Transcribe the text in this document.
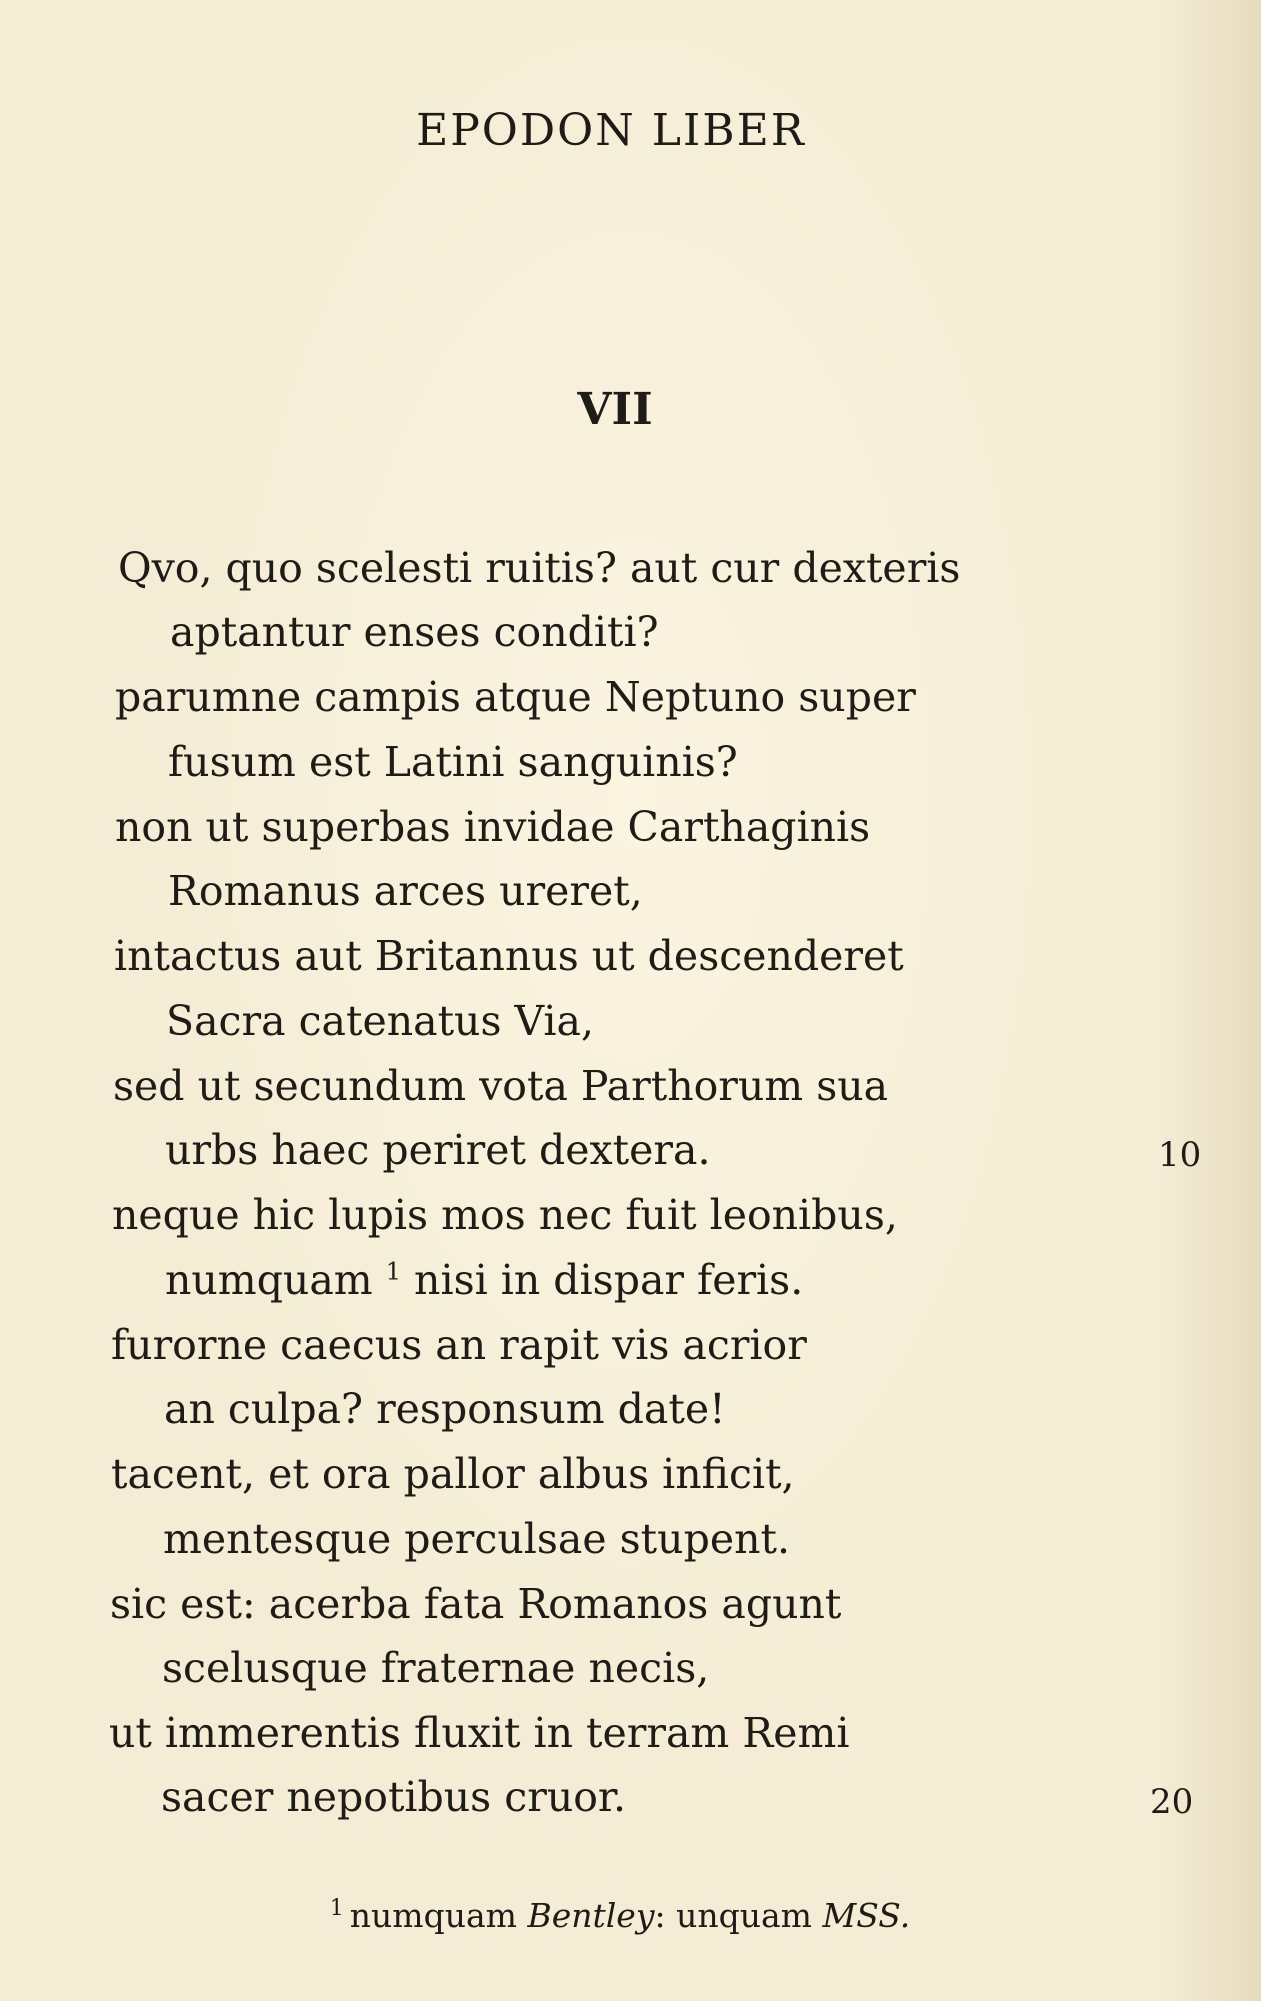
EPODON LIBER
VII
Qvo, quo scelesti ruitis? aut cur dexteris
aptantur enses conditi?
parumne campis atque Neptuno super
fusum est Latini sanguinis?
non ut superbas invidae Carthaginis
Romanus arces ureret,
intactus aut Britannus ut descenderet
Sacra catenatus Via,
sed ut secundum vota Parthorum sua
urbs haec periret dextera.	10
neque hic lupis mos nec fuit leonibus,
numquam $^1$ nisi in dispar feris.
furorne caecus an rapit vis acrior
an culpa? responsum date!
tacent, et ora pallor albus inficit,
mentesque perculsae stupent.
sic est: acerba fata Romanos agunt
scelusque fraternae necis,
ut immerentis fluxit in terram Remi
sacer nepotibus cruor.	20
$^1$ numquam Bentley: unquam MSS.
